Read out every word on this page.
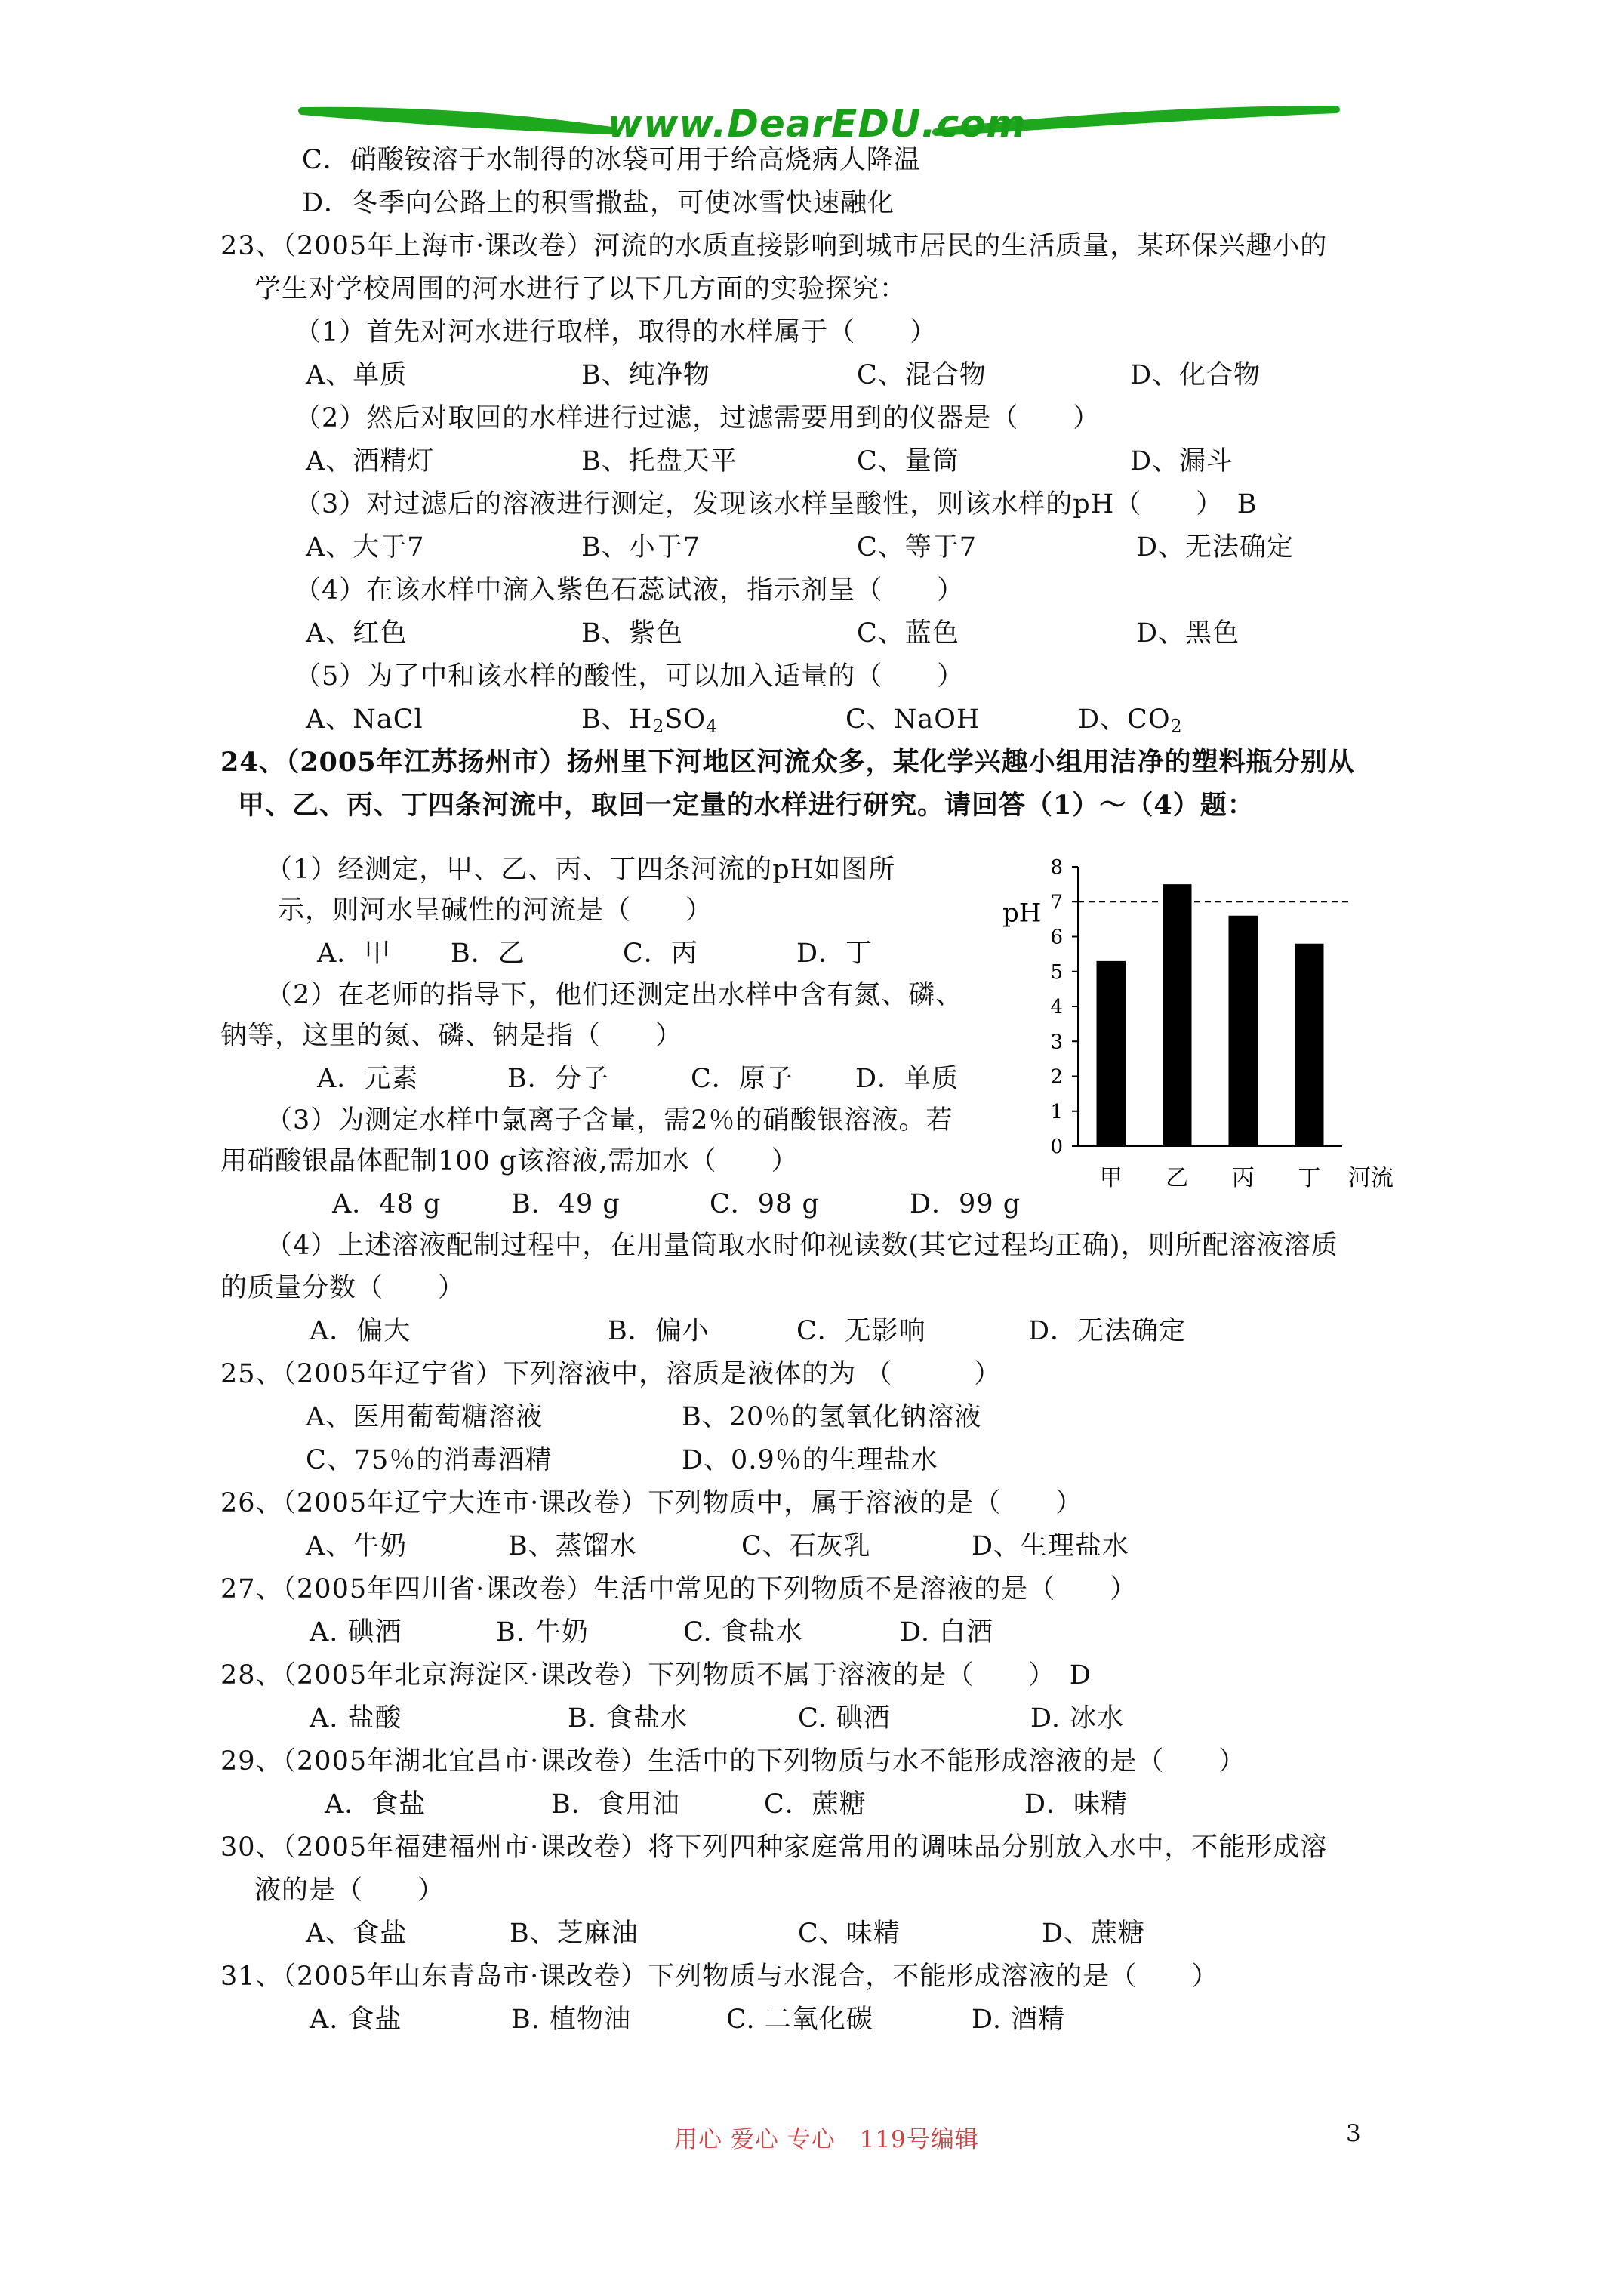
www.DearEDU.com
C．硝酸铵溶于水制得的冰袋可用于给高烧病人降温
D．冬季向公路上的积雪撒盐，可使冰雪快速融化
23、（2005年上海市·课改卷）河流的水质直接影响到城市居民的生活质量，某环保兴趣小的
学生对学校周围的河水进行了以下几方面的实验探究：
（1）首先对河水进行取样，取得的水样属于（　　）
（2）然后对取回的水样进行过滤，过滤需要用到的仪器是（　　）
（3）对过滤后的溶液进行测定，发现该水样呈酸性，则该水样的pH（　　）　B
（4）在该水样中滴入紫色石蕊试液，指示剂呈（　　）
（5）为了中和该水样的酸性，可以加入适量的（　　）
（1）经测定，甲、乙、丙、丁四条河流的pH如图所
示，则河水呈碱性的河流是（　　）
（2）在老师的指导下，他们还测定出水样中含有氮、磷、
钠等，这里的氮、磷、钠是指（　　）
（3）为测定水样中氯离子含量，需2％的硝酸银溶液。若
用硝酸银晶体配制100 g该溶液,需加水（　　）
（4）上述溶液配制过程中，在用量筒取水时仰视读数(其它过程均正确)，则所配溶液溶质
的质量分数（　　）
25、（2005年辽宁省）下列溶液中，溶质是液体的为 （　　　）
26、（2005年辽宁大连市·课改卷）下列物质中，属于溶液的是（　　）
27、（2005年四川省·课改卷）生活中常见的下列物质不是溶液的是（　　）
28、（2005年北京海淀区·课改卷）下列物质不属于溶液的是（　　）　D
29、（2005年湖北宜昌市·课改卷）生活中的下列物质与水不能形成溶液的是（　　）
30、（2005年福建福州市·课改卷）将下列四种家庭常用的调味品分别放入水中，不能形成溶
液的是（　　）
31、（2005年山东青岛市·课改卷）下列物质与水混合，不能形成溶液的是（　　）
24、（2005年江苏扬州市）扬州里下河地区河流众多，某化学兴趣小组用洁净的塑料瓶分别从
甲、乙、丙、丁四条河流中，取回一定量的水样进行研究。请回答（1）～（4）题：
A、单质	B、纯净物	C、混合物	D、化合物
A、酒精灯	B、托盘天平	C、量筒	D、漏斗
A、大于7	B、小于7	C、等于7	D、无法确定
A、红色	B、紫色	C、蓝色	D、黑色
A．甲 B．乙	C．丙	D．丁
A．元素	B．分子	C．原子 D．单质
A．48 g	B．49 g	C．98 g	D．99 g
A．偏大	B．偏小	C．无影响	D．无法确定
A、医用葡萄糖溶液	B、20％的氢氧化钠溶液
C、75％的消毒酒精	D、0.9％的生理盐水
A、牛奶	B、蒸馏水	C、石灰乳	D、生理盐水
A. 碘酒	B. 牛奶	C. 食盐水	D. 白酒
A. 盐酸	B. 食盐水	C. 碘酒	D. 冰水
A．食盐	B．食用油	C．蔗糖	D．味精
A、食盐	B、芝麻油	C、味精	D、蔗糖
A. 食盐	B. 植物油	C. 二氧化碳	D. 酒精
A、NaCl	B、$H_2SO_4$	C、NaOH	D、$CO_2$
0
1
2
3
4
5
6
7
8
pH
甲 乙 丙 丁 河流
用心 爱心 专心　119号编辑	3
